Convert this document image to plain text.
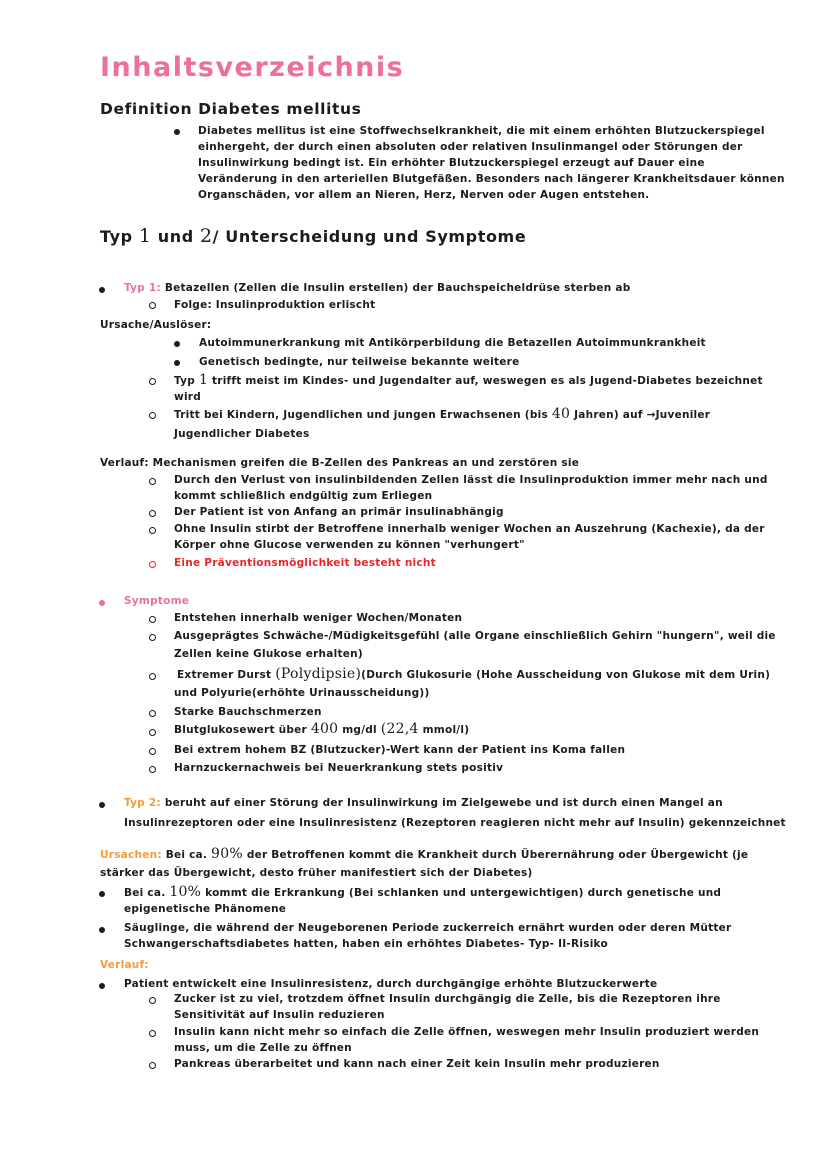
Inhaltsverzeichnis
Definition Diabetes mellitus
Diabetes mellitus ist eine Stoffwechselkrankheit, die mit einem erhöhten Blutzuckerspiegel
einhergeht, der durch einen absoluten oder relativen Insulinmangel oder Störungen der
Insulinwirkung bedingt ist. Ein erhöhter Blutzuckerspiegel erzeugt auf Dauer eine
Veränderung in den arteriellen Blutgefäßen. Besonders nach längerer Krankheitsdauer können
Organschäden, vor allem an Nieren, Herz, Nerven oder Augen entstehen.
Typ 1 und 2/ Unterscheidung und Symptome
Typ 1: Betazellen (Zellen die Insulin erstellen) der Bauchspeicheldrüse sterben ab
Folge: Insulinproduktion erlischt
Ursache/Auslöser:
Autoimmunerkrankung mit Antikörperbildung die Betazellen Autoimmunkrankheit
Genetisch bedingte, nur teilweise bekannte weitere
Typ 1 trifft meist im Kindes- und Jugendalter auf, weswegen es als Jugend-Diabetes bezeichnet
wird
Tritt bei Kindern, Jugendlichen und jungen Erwachsenen (bis 40 Jahren) auf →Juveniler
Jugendlicher Diabetes
Verlauf: Mechanismen greifen die B-Zellen des Pankreas an und zerstören sie
Durch den Verlust von insulinbildenden Zellen lässt die Insulinproduktion immer mehr nach und
kommt schließlich endgültig zum Erliegen
Der Patient ist von Anfang an primär insulinabhängig
Ohne Insulin stirbt der Betroffene innerhalb weniger Wochen an Auszehrung (Kachexie), da der
Körper ohne Glucose verwenden zu können "verhungert"
Eine Präventionsmöglichkeit besteht nicht
Symptome
Entstehen innerhalb weniger Wochen/Monaten
Ausgeprägtes Schwäche-/Müdigkeitsgefühl (alle Organe einschließlich Gehirn "hungern", weil die
Zellen keine Glukose erhalten)
Extremer Durst (Polydipsie)(Durch Glukosurie (Hohe Ausscheidung von Glukose mit dem Urin)
und Polyurie(erhöhte Urinausscheidung))
Starke Bauchschmerzen
Blutglukosewert über 400 mg/dl (22,4 mmol/l)
Bei extrem hohem BZ (Blutzucker)-Wert kann der Patient ins Koma fallen
Harnzuckernachweis bei Neuerkrankung stets positiv
Typ 2: beruht auf einer Störung der Insulinwirkung im Zielgewebe und ist durch einen Mangel an
Insulinrezeptoren oder eine Insulinresistenz (Rezeptoren reagieren nicht mehr auf Insulin) gekennzeichnet
Ursachen: Bei ca. 90% der Betroffenen kommt die Krankheit durch Überernährung oder Übergewicht (je
stärker das Übergewicht, desto früher manifestiert sich der Diabetes)
Bei ca. 10% kommt die Erkrankung (Bei schlanken und untergewichtigen) durch genetische und
epigenetische Phänomene
Säuglinge, die während der Neugeborenen Periode zuckerreich ernährt wurden oder deren Mütter
Schwangerschaftsdiabetes hatten, haben ein erhöhtes Diabetes- Typ- II-Risiko
Verlauf:
Patient entwickelt eine Insulinresistenz, durch durchgängige erhöhte Blutzuckerwerte
Zucker ist zu viel, trotzdem öffnet Insulin durchgängig die Zelle, bis die Rezeptoren ihre
Sensitivität auf Insulin reduzieren
Insulin kann nicht mehr so einfach die Zelle öffnen, weswegen mehr Insulin produziert werden
muss, um die Zelle zu öffnen
Pankreas überarbeitet und kann nach einer Zeit kein Insulin mehr produzieren
